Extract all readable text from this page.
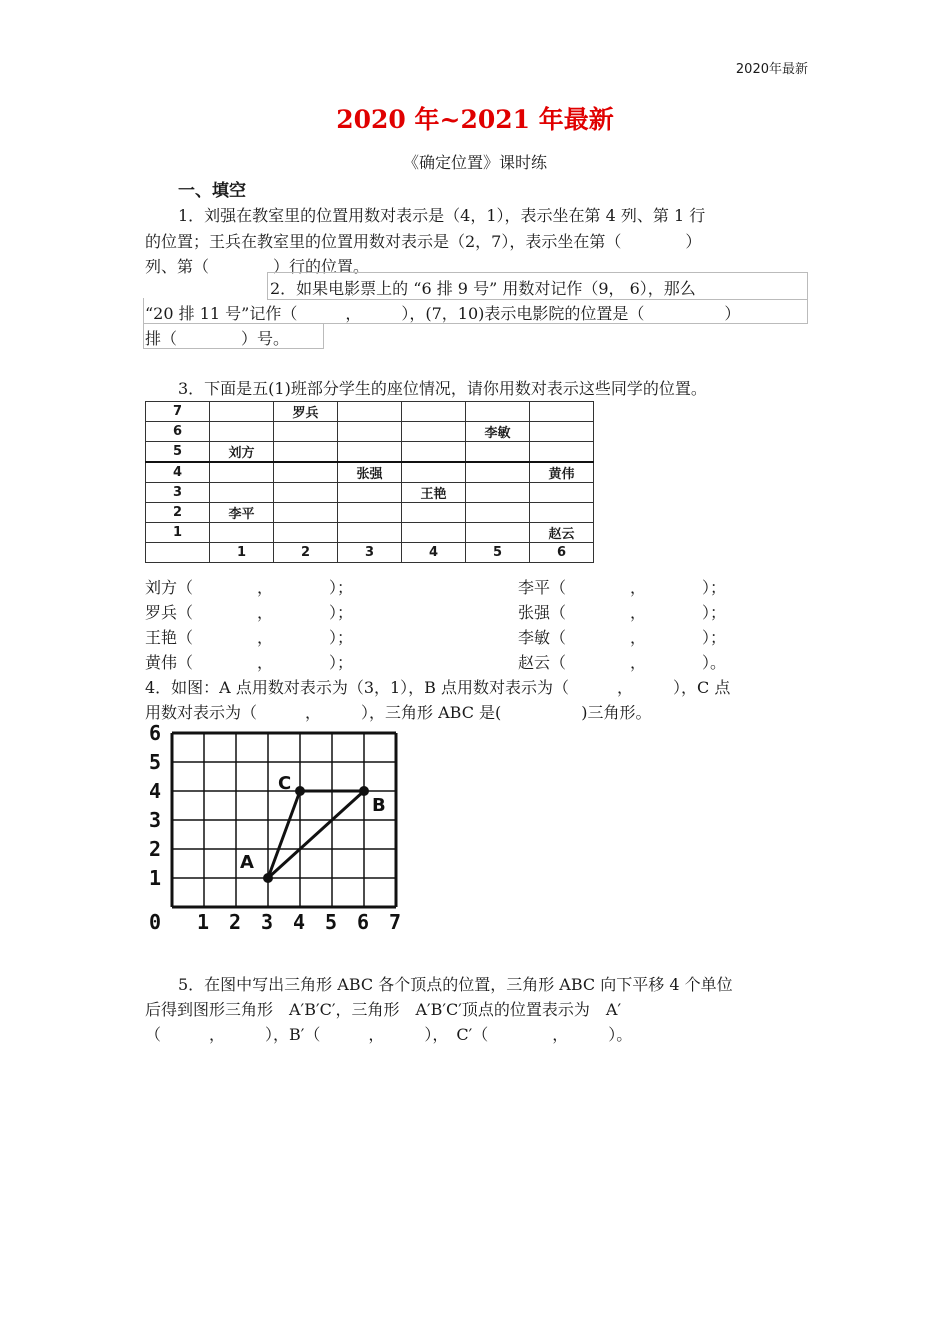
2020年最新
2020 年~2021 年最新
《确定位置》课时练
一、填空
1．刘强在教室里的位置用数对表示是（4，1），表示坐在第 4 列、第 1 行
的位置；王兵在教室里的位置用数对表示是（2，7），表示坐在第（　　　　）
列、第（　　　　）行的位置。
2．如果电影票上的 “6 排 9 号” 用数对记作（9， 6），那么
“20 排 11 号”记作（　　　，　　　），(7，10)表示电影院的位置是（　　　　　）
排（　　　　）号。
3．下面是五(1)班部分学生的座位情况，请你用数对表示这些同学的位置。
7		罗兵				
6					李敏	
5	刘方					
4			张强			黄伟
3				王艳		
2	李平					
1						赵云
	1	2	3	4	5	6
刘方（　　　　，　　　　）；	李平（　　　　，　　　　）；
罗兵（　　　　，　　　　）；	张强（　　　　，　　　　）；
王艳（　　　　，　　　　）；	李敏（　　　　，　　　　）；
黄伟（　　　　，　　　　）；	赵云（　　　　，　　　　）。
4．如图：A 点用数对表示为（3，1），B 点用数对表示为（　　　，　　　），C 点
用数对表示为（　　　，　　　），三角形 ABC 是(　　　　　)三角形。
6
5
4
3
2
1
0 1 2 3 4 5 6 7
A
B
C
5．在图中写出三角形 ABC 各个顶点的位置，三角形 ABC 向下平移 4 个单位
后得到图形三角形　A′B′C′，三角形　A′B′C′顶点的位置表示为　A′
（　　　，　　　），B′（　　　，　　　），　C′（　　　　，　　　）。
